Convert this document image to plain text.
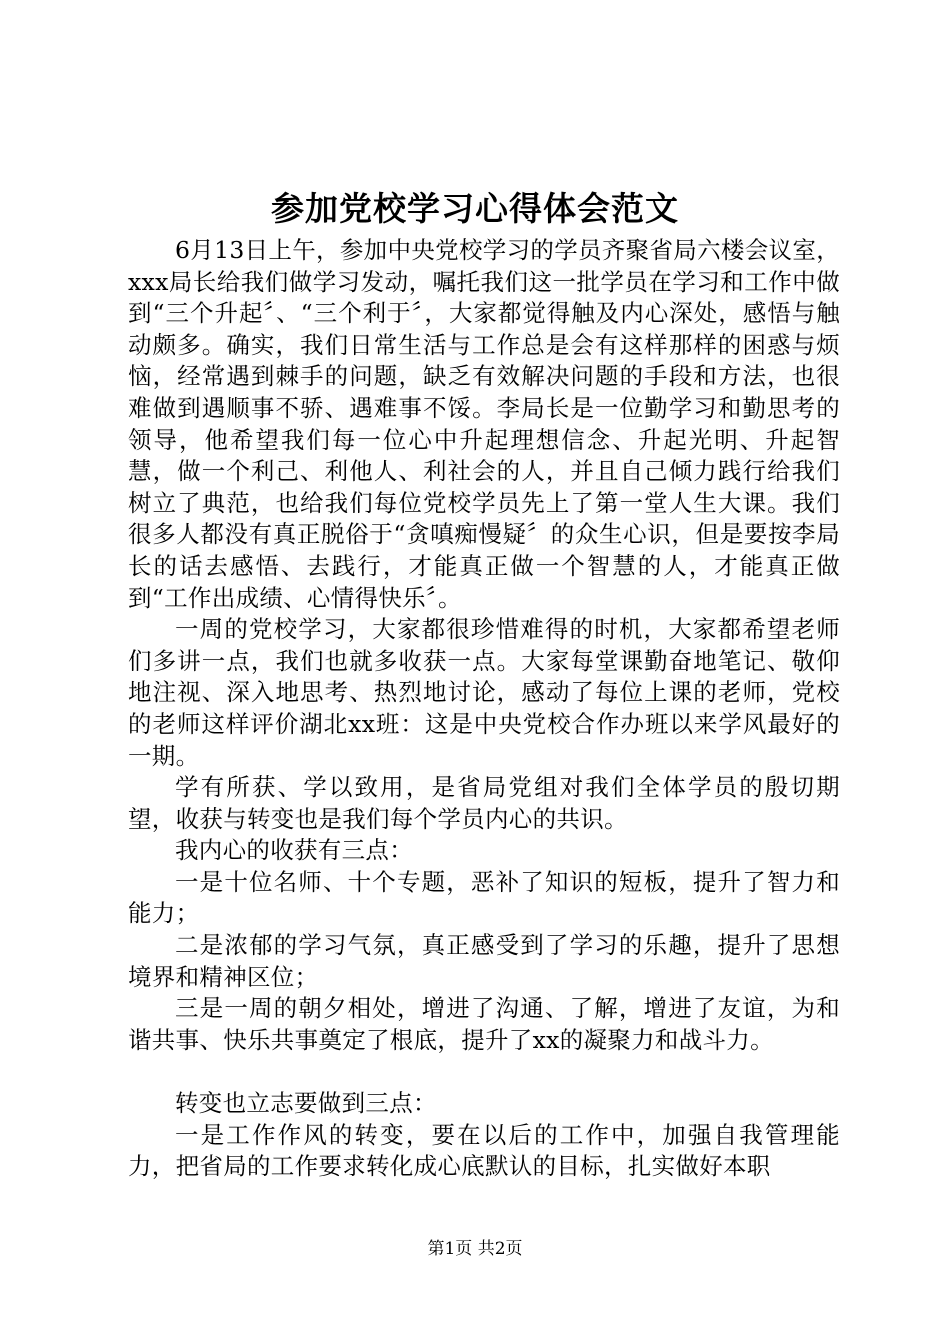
参加党校学习心得体会范文

6月13日上午，参加中央党校学习的学员齐聚省局六楼会议室，xxx局长给我们做学习发动，嘱托我们这一批学员在学习和工作中做到“三个升起〞、“三个利于〞，大家都觉得触及内心深处，感悟与触动颇多。确实，我们日常生活与工作总是会有这样那样的困惑与烦恼，经常遇到棘手的问题，缺乏有效解决问题的手段和方法，也很难做到遇顺事不骄、遇难事不馁。李局长是一位勤学习和勤思考的领导，他希望我们每一位心中升起理想信念、升起光明、升起智慧，做一个利己、利他人、利社会的人，并且自己倾力践行给我们树立了典范，也给我们每位党校学员先上了第一堂人生大课。我们很多人都没有真正脱俗于“贪嗔痴慢疑〞的众生心识，但是要按李局长的话去感悟、去践行，才能真正做一个智慧的人，才能真正做到“工作出成绩、心情得快乐〞。

一周的党校学习，大家都很珍惜难得的时机，大家都希望老师们多讲一点，我们也就多收获一点。大家每堂课勤奋地笔记、敬仰地注视、深入地思考、热烈地讨论，感动了每位上课的老师，党校的老师这样评价湖北xx班：这是中央党校合作办班以来学风最好的一期。

学有所获、学以致用，是省局党组对我们全体学员的殷切期望，收获与转变也是我们每个学员内心的共识。

我内心的收获有三点：

一是十位名师、十个专题，恶补了知识的短板，提升了智力和能力；

二是浓郁的学习气氛，真正感受到了学习的乐趣，提升了思想境界和精神区位；

三是一周的朝夕相处，增进了沟通、了解，增进了友谊，为和谐共事、快乐共事奠定了根底，提升了xx的凝聚力和战斗力。

转变也立志要做到三点：

一是工作作风的转变，要在以后的工作中，加强自我管理能力，把省局的工作要求转化成心底默认的目标，扎实做好本职

第1页 共2页
